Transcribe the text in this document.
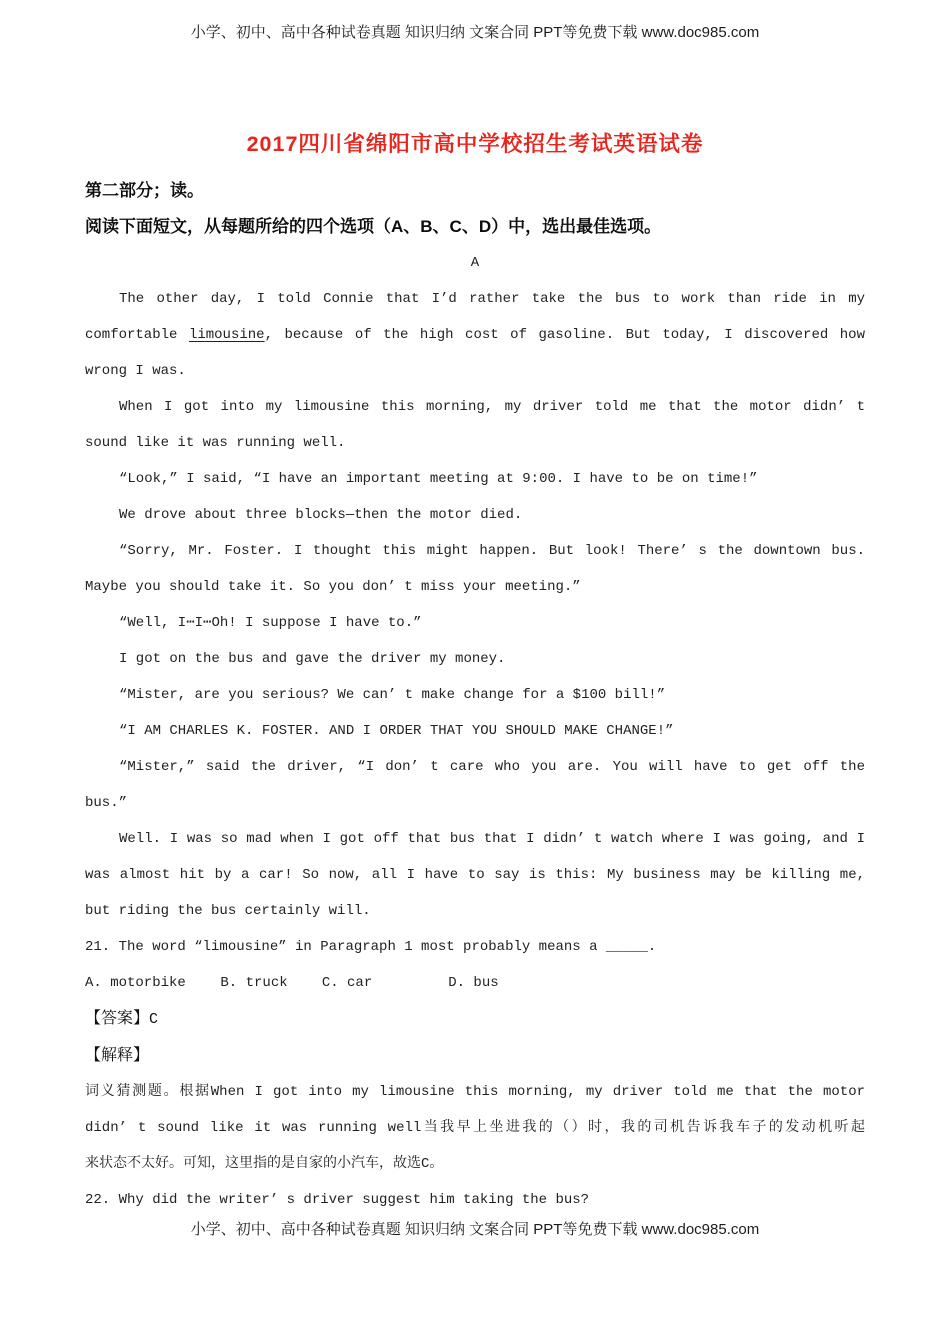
小学、初中、高中各种试卷真题 知识归纳 文案合同 PPT等免费下载 www.doc985.com
2017四川省绵阳市高中学校招生考试英语试卷
第二部分；读。
阅读下面短文，从每题所给的四个选项（A、B、C、D）中，选出最佳选项。
A
The other day, I told Connie that I’d rather take the bus to work than ride in my
comfortable limousine, because of the high cost of gasoline. But today, I discovered how
wrong I was.
When I got into my limousine this morning, my driver told me that the motor didn’ t
sound like it was running well.
“Look,” I said, “I have an important meeting at 9:00. I have to be on time!”
We drove about three blocks—then the motor died.
“Sorry, Mr. Foster. I thought this might happen. But look! There’ s the downtown bus.
Maybe you should take it. So you don’ t miss your meeting.”
“Well, I⋯I⋯Oh! I suppose I have to.”
I got on the bus and gave the driver my money.
“Mister, are you serious? We can’ t make change for a $100 bill!”
“I AM CHARLES K. FOSTER. AND I ORDER THAT YOU SHOULD MAKE CHANGE!”
“Mister,” said the driver, “I don’ t care who you are. You will have to get off the
bus.”
Well. I was so mad when I got off that bus that I didn’ t watch where I was going, and I
was almost hit by a car! So now, all I have to say is this: My business may be killing me,
but riding the bus certainly will.
21. The word “limousine” in Paragraph 1 most probably means a _____.
A. motorbike B. truck C. car	D. bus
【答案】C
【解释】
词义猜测题。根据When I got into my limousine this morning, my driver told me that the motor
didn’ t sound like it was running well当我早上坐进我的（）时，我的司机告诉我车子的发动机听起
来状态不太好。可知，这里指的是自家的小汽车，故选C。
22. Why did the writer’ s driver suggest him taking the bus?
小学、初中、高中各种试卷真题 知识归纳 文案合同 PPT等免费下载 www.doc985.com
